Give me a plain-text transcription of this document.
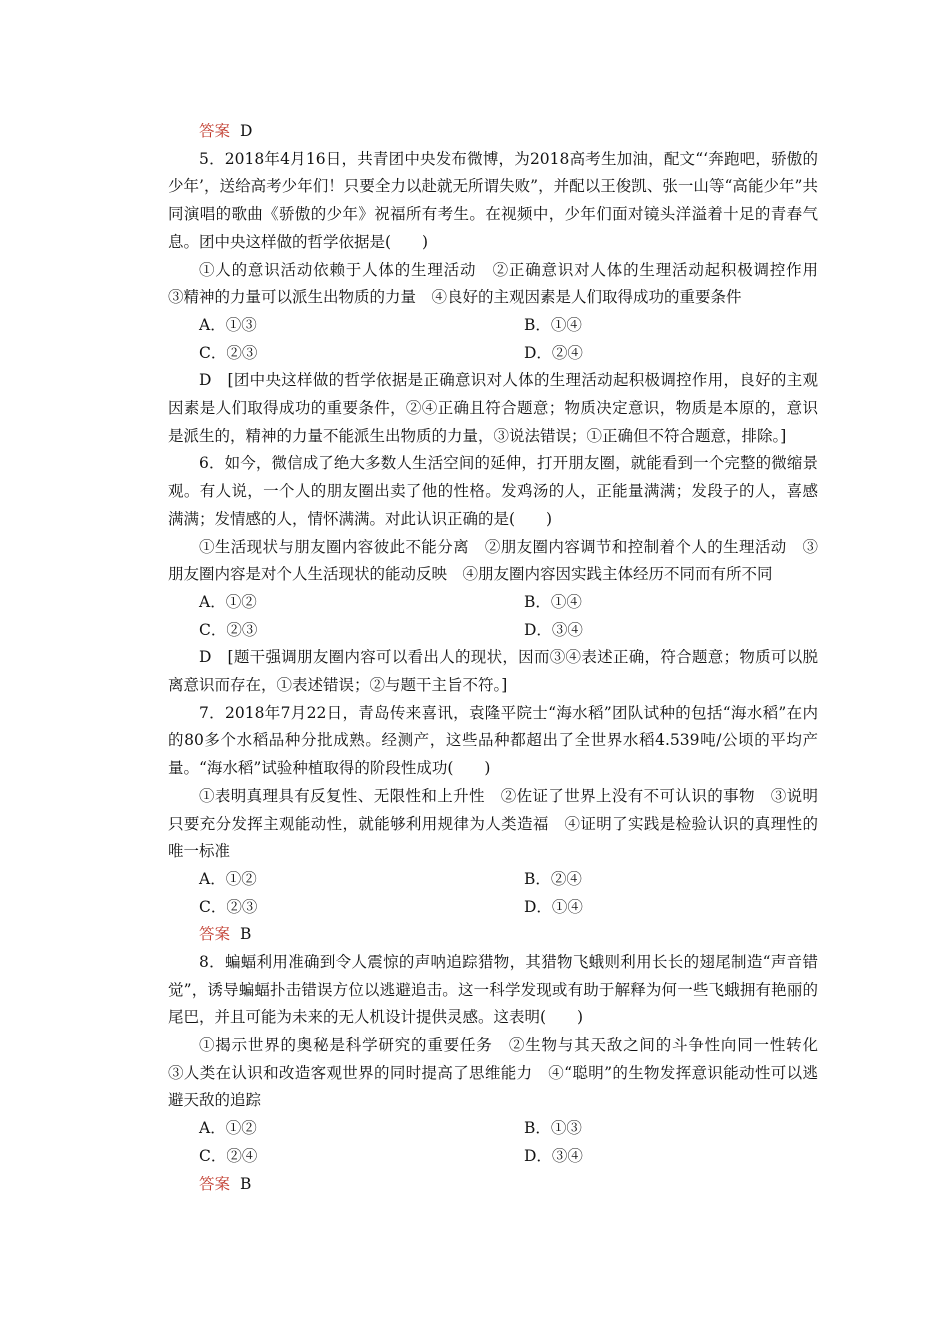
答案 D
5．2018年4月16日，共青团中央发布微博，为2018高考生加油，配文“‘奔跑吧，骄傲的少年’，送给高考少年们！只要全力以赴就无所谓失败”，并配以王俊凯、张一山等“高能少年”共同演唱的歌曲《骄傲的少年》祝福所有考生。在视频中，少年们面对镜头洋溢着十足的青春气息。团中央这样做的哲学依据是(　　)
①人的意识活动依赖于人体的生理活动　②正确意识对人体的生理活动起积极调控作用　③精神的力量可以派生出物质的力量　④良好的主观因素是人们取得成功的重要条件
A．①③	B．①④
C．②③	D．②④
D　[团中央这样做的哲学依据是正确意识对人体的生理活动起积极调控作用，良好的主观因素是人们取得成功的重要条件，②④正确且符合题意；物质决定意识，物质是本原的，意识是派生的，精神的力量不能派生出物质的力量，③说法错误；①正确但不符合题意，排除。]
6．如今，微信成了绝大多数人生活空间的延伸，打开朋友圈，就能看到一个完整的微缩景观。有人说，一个人的朋友圈出卖了他的性格。发鸡汤的人，正能量满满；发段子的人，喜感满满；发情感的人，情怀满满。对此认识正确的是(　　)
①生活现状与朋友圈内容彼此不能分离　②朋友圈内容调节和控制着个人的生理活动　③朋友圈内容是对个人生活现状的能动反映　④朋友圈内容因实践主体经历不同而有所不同
A．①②	B．①④
C．②③	D．③④
D　[题干强调朋友圈内容可以看出人的现状，因而③④表述正确，符合题意；物质可以脱离意识而存在，①表述错误；②与题干主旨不符。]
7．2018年7月22日，青岛传来喜讯，袁隆平院士“海水稻”团队试种的包括“海水稻”在内的80多个水稻品种分批成熟。经测产，这些品种都超出了全世界水稻4.539吨/公顷的平均产量。“海水稻”试验种植取得的阶段性成功(　　)
①表明真理具有反复性、无限性和上升性　②佐证了世界上没有不可认识的事物　③说明只要充分发挥主观能动性，就能够利用规律为人类造福　④证明了实践是检验认识的真理性的唯一标准
A．①②	B．②④
C．②③	D．①④
答案 B
8．蝙蝠利用准确到令人震惊的声呐追踪猎物，其猎物飞蛾则利用长长的翅尾制造“声音错觉”，诱导蝙蝠扑击错误方位以逃避追击。这一科学发现或有助于解释为何一些飞蛾拥有艳丽的尾巴，并且可能为未来的无人机设计提供灵感。这表明(　　)
①揭示世界的奥秘是科学研究的重要任务　②生物与其天敌之间的斗争性向同一性转化　③人类在认识和改造客观世界的同时提高了思维能力　④“聪明”的生物发挥意识能动性可以逃避天敌的追踪
A．①②	B．①③
C．②④	D．③④
答案 B
